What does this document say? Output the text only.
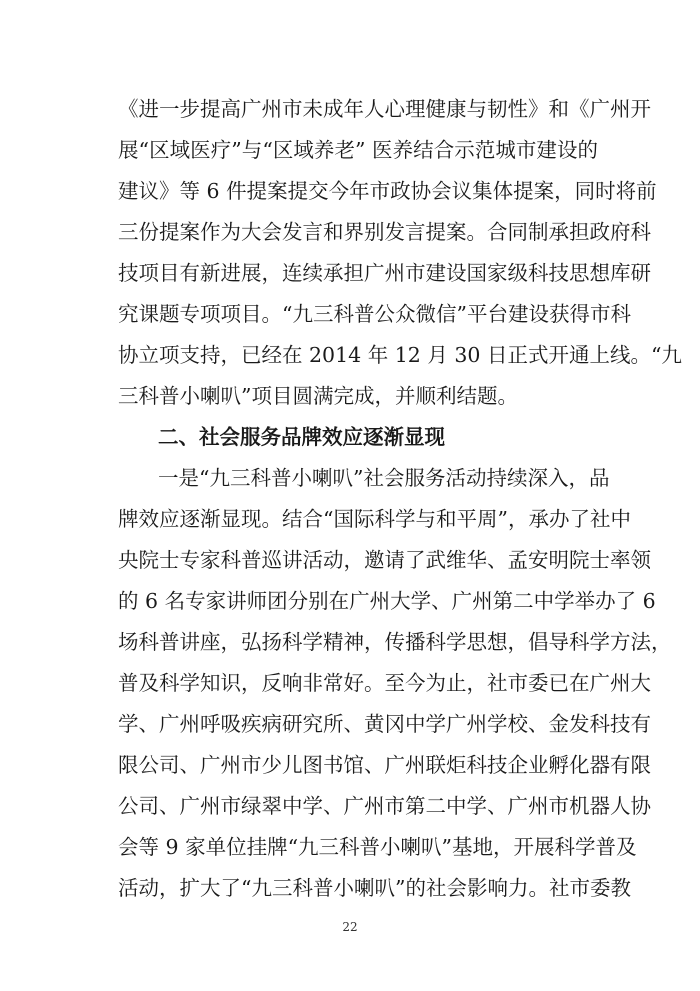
《进一步提高广州市未成年人心理健康与韧性》和《广州开
展“区域医疗”与“区域养老” 医养结合示范城市建设的
建议》等 6 件提案提交今年市政协会议集体提案，同时将前
三份提案作为大会发言和界别发言提案。合同制承担政府科
技项目有新进展，连续承担广州市建设国家级科技思想库研
究课题专项项目。“九三科普公众微信”平台建设获得市科
协立项支持，已经在 2014 年 12 月 30 日正式开通上线。“九
三科普小喇叭”项目圆满完成，并顺利结题。
二、社会服务品牌效应逐渐显现
一是“九三科普小喇叭”社会服务活动持续深入，品
牌效应逐渐显现。结合“国际科学与和平周”，承办了社中
央院士专家科普巡讲活动，邀请了武维华、孟安明院士率领
的 6 名专家讲师团分别在广州大学、广州第二中学举办了 6
场科普讲座，弘扬科学精神，传播科学思想，倡导科学方法，
普及科学知识，反响非常好。至今为止，社市委已在广州大
学、广州呼吸疾病研究所、黄冈中学广州学校、金发科技有
限公司、广州市少儿图书馆、广州联炬科技企业孵化器有限
公司、广州市绿翠中学、广州市第二中学、广州市机器人协
会等 9 家单位挂牌“九三科普小喇叭”基地，开展科学普及
活动，扩大了“九三科普小喇叭”的社会影响力。社市委教
22
